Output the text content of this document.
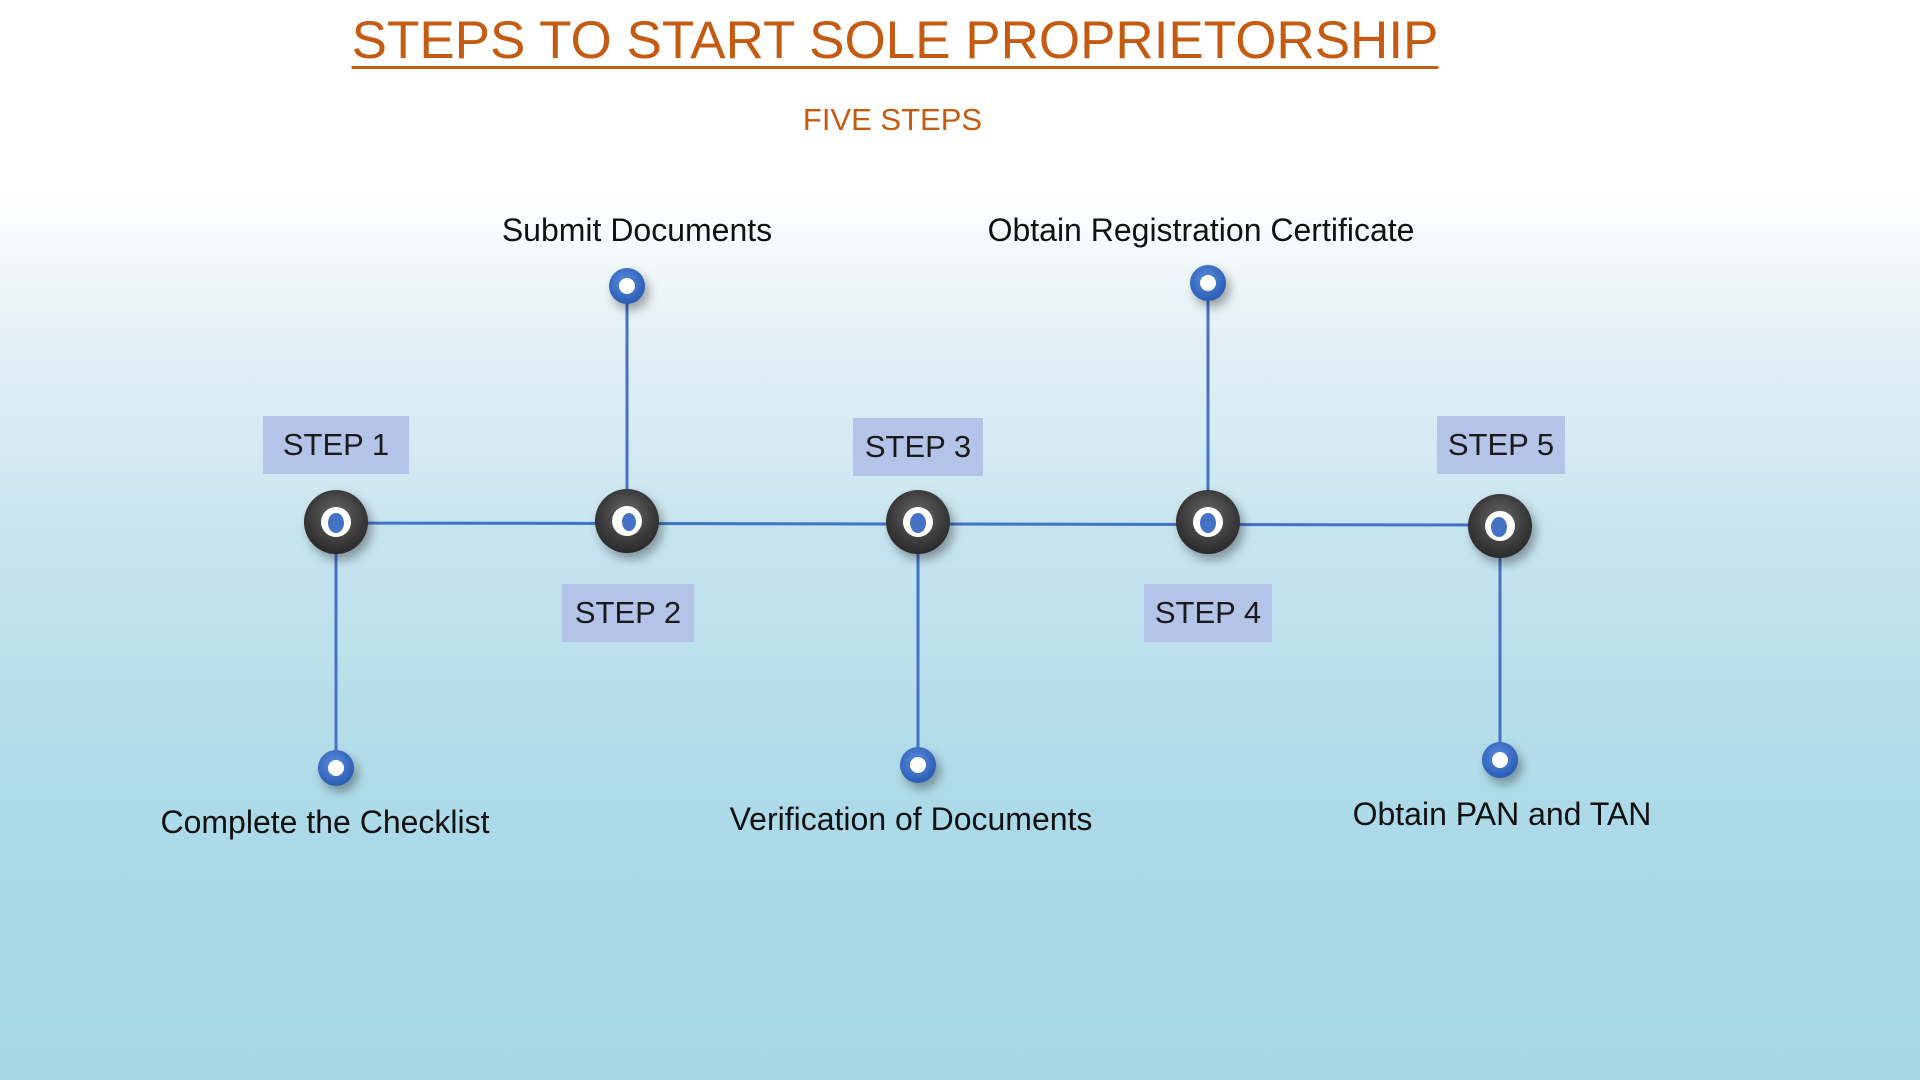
STEPS TO START SOLE PROPRIETORSHIP
FIVE STEPS
STEP 1
STEP 2
STEP 3
STEP 4
STEP 5
Complete the Checklist
Submit Documents
Verification of Documents
Obtain Registration Certificate
Obtain PAN and TAN
